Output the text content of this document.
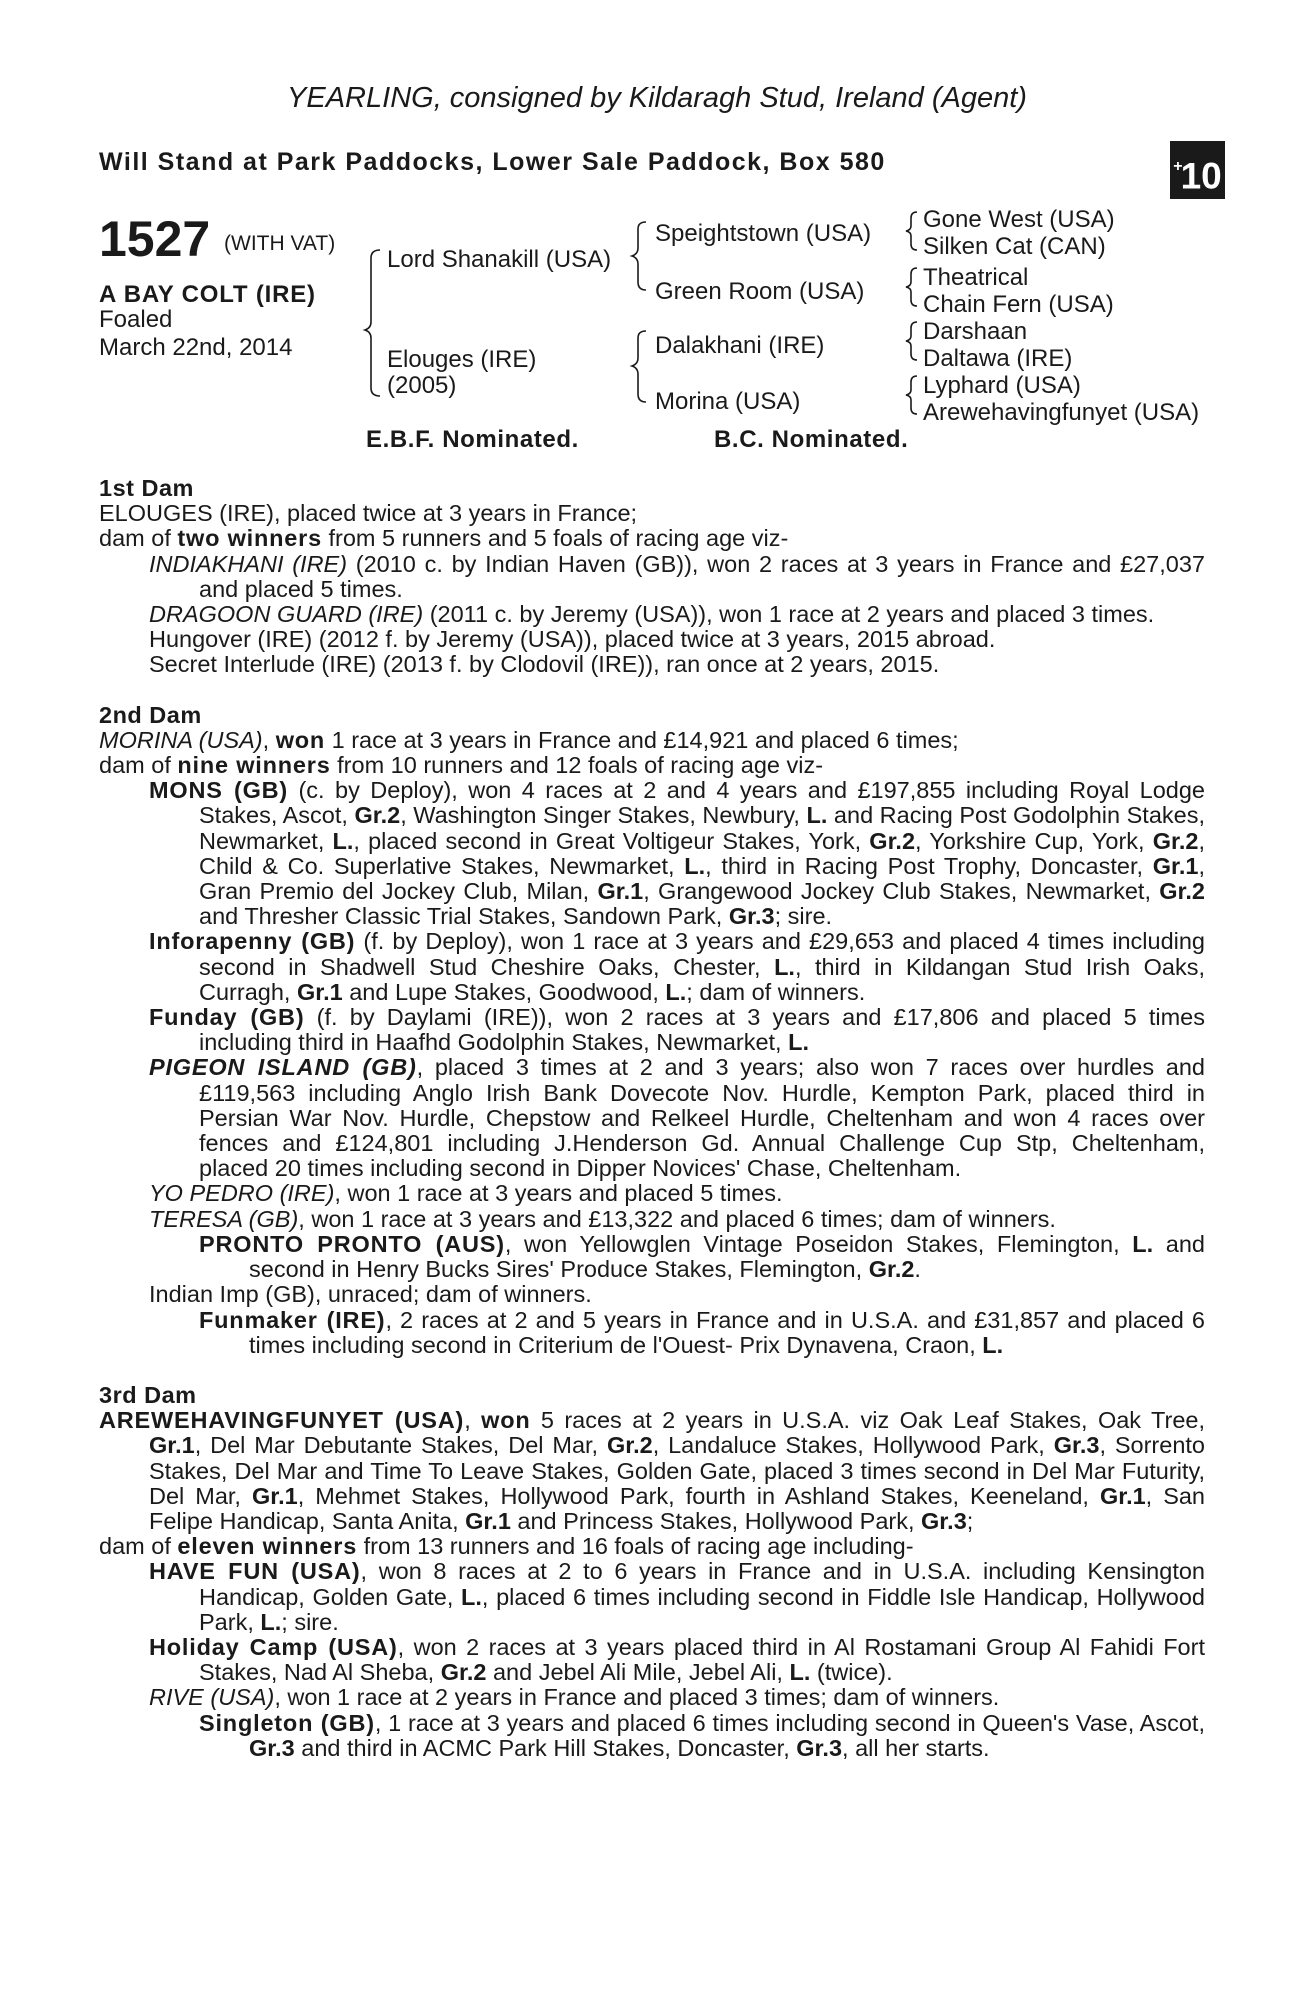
YEARLING, consigned by Kildaragh Stud, Ireland (Agent)
Will Stand at Park Paddocks, Lower Sale Paddock, Box 580	+10
1527 (WITH VAT)
A BAY COLT (IRE)
Foaled
March 22nd, 2014
Lord Shanakill (USA)
Elouges (IRE)
(2005)
Speightstown (USA)
Green Room (USA)
Dalakhani (IRE)
Morina (USA)
Gone West (USA)
Silken Cat (CAN)
Theatrical
Chain Fern (USA)
Darshaan
Daltawa (IRE)
Lyphard (USA)
Arewehavingfunyet (USA)
E.B.F. Nominated.	B.C. Nominated.
1st Dam

ELOUGES (IRE), placed twice at 3 years in France;

dam of two winners from 5 runners and 5 foals of racing age viz-

INDIAKHANI (IRE) (2010 c. by Indian Haven (GB)), won 2 races at 3 years in France and £27,037 and placed 5 times.

DRAGOON GUARD (IRE) (2011 c. by Jeremy (USA)), won 1 race at 2 years and placed 3 times.

Hungover (IRE) (2012 f. by Jeremy (USA)), placed twice at 3 years, 2015 abroad.

Secret Interlude (IRE) (2013 f. by Clodovil (IRE)), ran once at 2 years, 2015.

2nd Dam

MORINA (USA), won 1 race at 3 years in France and £14,921 and placed 6 times;

dam of nine winners from 10 runners and 12 foals of racing age viz-

MONS (GB) (c. by Deploy), won 4 races at 2 and 4 years and £197,855 including Royal Lodge Stakes, Ascot, Gr.2, Washington Singer Stakes, Newbury, L. and Racing Post Godolphin Stakes, Newmarket, L., placed second in Great Voltigeur Stakes, York, Gr.2, Yorkshire Cup, York, Gr.2, Child & Co. Superlative Stakes, Newmarket, L., third in Racing Post Trophy, Doncaster, Gr.1, Gran Premio del Jockey Club, Milan, Gr.1, Grangewood Jockey Club Stakes, Newmarket, Gr.2 and Thresher Classic Trial Stakes, Sandown Park, Gr.3; sire.

Inforapenny (GB) (f. by Deploy), won 1 race at 3 years and £29,653 and placed 4 times including second in Shadwell Stud Cheshire Oaks, Chester, L., third in Kildangan Stud Irish Oaks, Curragh, Gr.1 and Lupe Stakes, Goodwood, L.; dam of winners.

Funday (GB) (f. by Daylami (IRE)), won 2 races at 3 years and £17,806 and placed 5 times including third in Haafhd Godolphin Stakes, Newmarket, L.

PIGEON ISLAND (GB), placed 3 times at 2 and 3 years; also won 7 races over hurdles and £119,563 including Anglo Irish Bank Dovecote Nov. Hurdle, Kempton Park, placed third in Persian War Nov. Hurdle, Chepstow and Relkeel Hurdle, Cheltenham and won 4 races over fences and £124,801 including J.Henderson Gd. Annual Challenge Cup Stp, Cheltenham, placed 20 times including second in Dipper Novices' Chase, Cheltenham.

YO PEDRO (IRE), won 1 race at 3 years and placed 5 times.

TERESA (GB), won 1 race at 3 years and £13,322 and placed 6 times; dam of winners.

PRONTO PRONTO (AUS), won Yellowglen Vintage Poseidon Stakes, Flemington, L. and second in Henry Bucks Sires' Produce Stakes, Flemington, Gr.2.

Indian Imp (GB), unraced; dam of winners.

Funmaker (IRE), 2 races at 2 and 5 years in France and in U.S.A. and £31,857 and placed 6 times including second in Criterium de l'Ouest- Prix Dynavena, Craon, L.

3rd Dam

AREWEHAVINGFUNYET (USA), won 5 races at 2 years in U.S.A. viz Oak Leaf Stakes, Oak Tree, Gr.1, Del Mar Debutante Stakes, Del Mar, Gr.2, Landaluce Stakes, Hollywood Park, Gr.3, Sorrento Stakes, Del Mar and Time To Leave Stakes, Golden Gate, placed 3 times second in Del Mar Futurity, Del Mar, Gr.1, Mehmet Stakes, Hollywood Park, fourth in Ashland Stakes, Keeneland, Gr.1, San Felipe Handicap, Santa Anita, Gr.1 and Princess Stakes, Hollywood Park, Gr.3;

dam of eleven winners from 13 runners and 16 foals of racing age including-

HAVE FUN (USA), won 8 races at 2 to 6 years in France and in U.S.A. including Kensington Handicap, Golden Gate, L., placed 6 times including second in Fiddle Isle Handicap, Hollywood Park, L.; sire.

Holiday Camp (USA), won 2 races at 3 years placed third in Al Rostamani Group Al Fahidi Fort Stakes, Nad Al Sheba, Gr.2 and Jebel Ali Mile, Jebel Ali, L. (twice).

RIVE (USA), won 1 race at 2 years in France and placed 3 times; dam of winners.

Singleton (GB), 1 race at 3 years and placed 6 times including second in Queen's Vase, Ascot, Gr.3 and third in ACMC Park Hill Stakes, Doncaster, Gr.3, all her starts.
